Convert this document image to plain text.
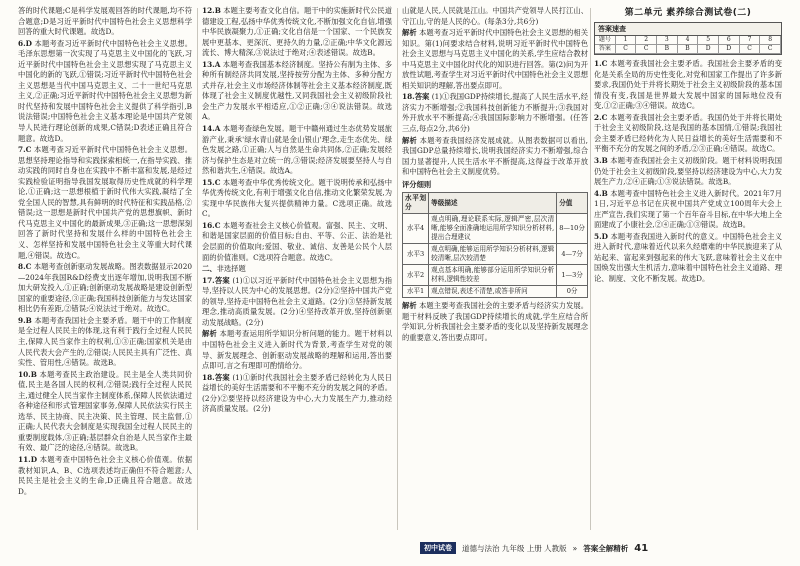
答的时代课题;C是科学发展观回答的时代课题,均不符合题意;D是习近平新时代中国特色社会主义思想科学回答的重大时代课题。故选D。

6.D 本题考查习近平新时代中国特色社会主义思想。毛泽东思想第一次实现了马克思主义中国化的飞跃,习近平新时代中国特色社会主义思想实现了马克思主义中国化的新的飞跃,①错误;习近平新时代中国特色社会主义思想是当代中国马克思主义、二十一世纪马克思主义,②正确;习近平新时代中国特色社会主义思想为新时代坚持和发展中国特色社会主义提供了科学指引,B说法错误;中国特色社会主义基本理论是中国共产党领导人民进行理论创新的成果,C错误;D表述正确且符合题意。故选D。

7.C 本题考查习近平新时代中国特色社会主义思想。思想坚持理论指导和实践探索相统一,在指导实践、推动实践的同时自身也在实践中不断丰富和发展,是经过实践检验证明指导我国发展取得历史性成就的科学理论,①正确;这一思想根植于新时代伟大实践,凝结了全党全国人民的智慧,具有鲜明的时代特征和实践品格,②错误;这一思想是新时代中国共产党的思想旗帜、新时代马克思主义中国化的最新成果,③正确;这一思想深刻回答了新时代坚持和发展什么样的中国特色社会主义、怎样坚持和发展中国特色社会主义等重大时代课题,④错误。故选C。

8.C 本题考查创新驱动发展战略。图表数据显示2020—2024年我国R&D经费支出逐年增加,说明我国不断加大研发投入,①正确;创新驱动发展战略是建设创新型国家的重要途径,③正确;我国科技创新能力与发达国家相比仍有差距,②错误;④说法过于绝对。故选C。

9.B 本题考查我国社会主要矛盾。题干中的工作制度是全过程人民民主的体现,这有利于践行全过程人民民主,保障人民当家作主的权利,①③正确;国家机关是由人民代表大会产生的,②错误;人民民主具有广泛性、真实性、管用性,④错误。故选B。

10.B 本题考查民主政治建设。民主是全人类共同价值,民主是各国人民的权利,②错误;践行全过程人民民主,通过健全人民当家作主制度体系,保障人民依法通过各种途径和形式管理国家事务,保障人民依法实行民主选举、民主协商、民主决策、民主管理、民主监督,①正确;人民代表大会制度是实现我国全过程人民民主的重要制度载体,③正确;基层群众自治是人民当家作主最有效、最广泛的途径,④错误。故选B。

11.D 本题考查中国特色社会主义核心价值观。依据教材知识,A、B、C选项表述均正确但不符合题意;人民民主是社会主义的生命,D正确且符合题意。故选D。

12.B 本题主要考查文化自信。题干中的实施新时代公民道德建设工程,弘扬中华优秀传统文化,不断加强文化自信,增强中华民族凝聚力,①正确;文化自信是一个国家、一个民族发展中更基本、更深沉、更持久的力量,②正确;中华文化源远流长、博大精深,③说法过于绝对;④表述错误。故选B。

13.A 本题考查我国基本经济制度。坚持公有制为主体、多种所有制经济共同发展,坚持按劳分配为主体、多种分配方式并存,社会主义市场经济体制等社会主义基本经济制度,既体现了社会主义制度优越性,又同我国社会主义初级阶段社会生产力发展水平相适应,①②正确;③④说法错误。故选A。

14.A 本题考查绿色发展。题干中赣州通过生态优势发展旅游产业,秉承'绿水青山就是金山银山'理念,走生态优先、绿色发展之路,①正确;人与自然是生命共同体,②正确;发展经济与保护生态是对立统一的,③错误;经济发展要坚持人与自然和谐共生,④错误。故选A。

15.C 本题考查中华优秀传统文化。题干说明传承和弘扬中华优秀传统文化,有利于增强文化自信,推动文化繁荣发展,为实现中华民族伟大复兴提供精神力量。C选项正确。故选C。

16.C 本题考查社会主义核心价值观。富强、民主、文明、和谐是国家层面的价值目标;自由、平等、公正、法治是社会层面的价值取向;爱国、敬业、诚信、友善是公民个人层面的价值准则。C选项符合题意。故选C。

二、非选择题

17.答案 (1)①以习近平新时代中国特色社会主义思想为指导,坚持以人民为中心的发展思想。(2分)②坚持中国共产党的领导,坚持走中国特色社会主义道路。(2分)③坚持新发展理念,推动高质量发展。(2分)④坚持改革开放,坚持创新驱动发展战略。(2分)

解析 本题考查运用所学知识分析问题的能力。题干材料以中国特色社会主义进入新时代为背景,考查学生对党的领导、新发展理念、创新驱动发展战略的理解和运用,答出要点即可,言之有理即可酌情给分。

18.答案 (1)①新时代我国社会主要矛盾已经转化为人民日益增长的美好生活需要和不平衡不充分的发展之间的矛盾。(2分)②要坚持以经济建设为中心,大力发展生产力,推动经济高质量发展。(2分)

山就是人民,人民就是江山。中国共产党领导人民打江山、守江山,守的是人民的心。(每条3分,共6分)

解析 本题考查习近平新时代中国特色社会主义思想的相关知识。第(1)问要求结合材料,说明习近平新时代中国特色社会主义思想与马克思主义中国化的关系,学生应结合教材中马克思主义中国化时代化的知识进行回答。第(2)问为开放性试题,考查学生对习近平新时代中国特色社会主义思想相关知识的理解,答出要点即可。

18.答案 (1)①我国GDP持续增长,提高了人民生活水平,经济实力不断增强;②我国科技创新能力不断提升;③我国对外开放水平不断提高;④我国国际影响力不断增强。(任答三点,每点2分,共6分)

解析 本题考查我国经济发展成就。从图表数据可以看出,我国GDP总量持续增长,说明我国经济实力不断增强,综合国力显著提升,人民生活水平不断提高,这得益于改革开放和中国特色社会主义制度优势。

评分细则
水平划分	等级描述	分值
水平4	观点明确,理论联系实际,逻辑严密,层次清晰,能够全面准确地运用所学知识分析材料,提出合理建议	8—10分
水平3	观点明确,能够运用所学知识分析材料,逻辑较清晰,层次较清楚	4—7分
水平2	观点基本明确,能够部分运用所学知识分析材料,逻辑性较差	1—3分
水平1	观点错误,表述不清楚,或答非所问	0分

解析 本题主要考查我国社会的主要矛盾与经济实力发展。题干材料反映了我国GDP持续增长的成就,学生应结合所学知识,分析我国社会主要矛盾的变化以及坚持新发展理念的重要意义,答出要点即可。

第二单元 素养综合测试卷(二)
答案速查
题号	1	2	3	4	5	6	7	8
答案	C	C	B	B	D	D	C	C

1.C 本题考查我国社会主要矛盾。我国社会主要矛盾的变化是关系全局的历史性变化,对党和国家工作提出了许多新要求,我国仍处于并将长期处于社会主义初级阶段的基本国情没有变,我国是世界最大发展中国家的国际地位没有变,①②正确;③④错误。故选C。

2.C 本题考查我国社会主要矛盾。我国仍处于并将长期处于社会主义初级阶段,这是我国的基本国情,①错误;我国社会主要矛盾已经转化为人民日益增长的美好生活需要和不平衡不充分的发展之间的矛盾,②③正确;④错误。故选C。

3.B 本题考查我国社会主义初级阶段。题干材料说明我国仍处于社会主义初级阶段,要坚持以经济建设为中心,大力发展生产力,②④正确;①③说法错误。故选B。

4.B 本题考查中国特色社会主义进入新时代。2021年7月1日,习近平总书记在庆祝中国共产党成立100周年大会上庄严宣告,我们实现了第一个百年奋斗目标,在中华大地上全面建成了小康社会,②④正确;①③错误。故选B。

5.D 本题考查我国进入新时代的意义。中国特色社会主义进入新时代,意味着近代以来久经磨难的中华民族迎来了从站起来、富起来到强起来的伟大飞跃,意味着社会主义在中国焕发出强大生机活力,意味着中国特色社会主义道路、理论、制度、文化不断发展。故选D。

初中试卷	道德与法治 九年级 上册 人教版 » 答案全解精析 41
